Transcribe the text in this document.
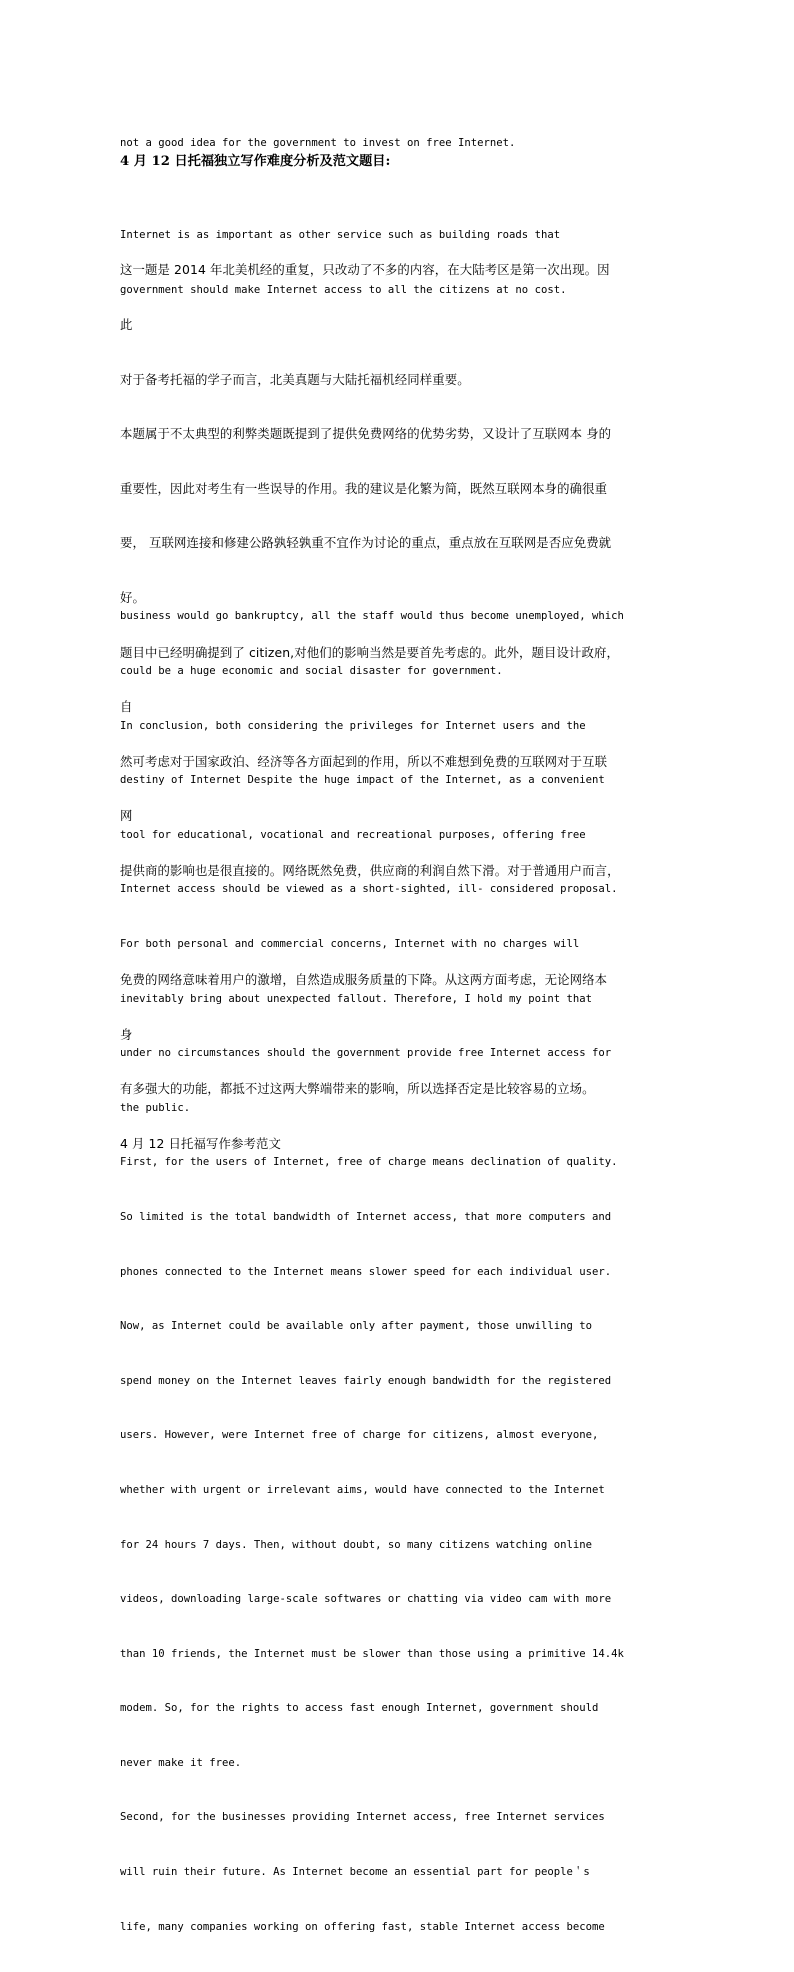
not a good idea for the government to invest on free Internet.

4 月 12 日托福独立写作难度分析及范文题目:

Internet is as important as other service such as building roads that

government should make Internet access to all the citizens at no cost.

这一题是 2014 年北美机经的重复，只改动了不多的内容，在大陆考区是第一次出现。因

此

对于备考托福的学子而言，北美真题与大陆托福机经同样重要。

本题属于不太典型的利弊类题既提到了提供免费网络的优势劣势，又设计了互联网本 身的

重要性，因此对考生有一些误导的作用。我的建议是化繁为简，既然互联网本身的确很重

要， 互联网连接和修建公路孰轻孰重不宜作为讨论的重点，重点放在互联网是否应免费就

好。

题目中已经明确提到了 citizen,对他们的影响当然是要首先考虑的。此外，题目设计政府，

自

然可考虑对于国家政泊、经济等各方面起到的作用，所以不难想到免费的互联网对于互联

网

提供商的影响也是很直接的。网络既然免费，供应商的利润自然下滑。对于普通用户而言，

免费的网络意味着用户的激增，自然造成服务质量的下降。从这两方面考虑，无论网络本

身

有多强大的功能，都抵不过这两大弊端带来的影响，所以选择否定是比较容易的立场。

4 月 12 日托福写作参考范文

business would go bankruptcy, all the staff would thus become unemployed, which

could be a huge economic and social disaster for government.

In conclusion, both considering the privileges for Internet users and the

destiny of Internet Despite the huge impact of the Internet, as a convenient

tool for educational, vocational and recreational purposes, offering free

Internet access should be viewed as a short-sighted, ill- considered proposal.

For both personal and commercial concerns, Internet with no charges will

inevitably bring about unexpected fallout. Therefore, I hold my point that

under no circumstances should the government provide free Internet access for

the public.

First, for the users of Internet, free of charge means declination of quality.

So limited is the total bandwidth of Internet access, that more computers and

phones connected to the Internet means slower speed for each individual user.

Now, as Internet could be available only after payment, those unwilling to

spend money on the Internet leaves fairly enough bandwidth for the registered

users. However, were Internet free of charge for citizens, almost everyone,

whether with urgent or irrelevant aims, would have connected to the Internet

for 24 hours 7 days. Then, without doubt, so many citizens watching online

videos, downloading large-scale softwares or chatting via video cam with more

than 10 friends, the Internet must be slower than those using a primitive 14.4k

modem. So, for the rights to access fast enough Internet, government should

never make it free.

Second, for the businesses providing Internet access, free Internet services

will ruin their future. As Internet become an essential part for people＇s

life, many companies working on offering fast, stable Internet access become
